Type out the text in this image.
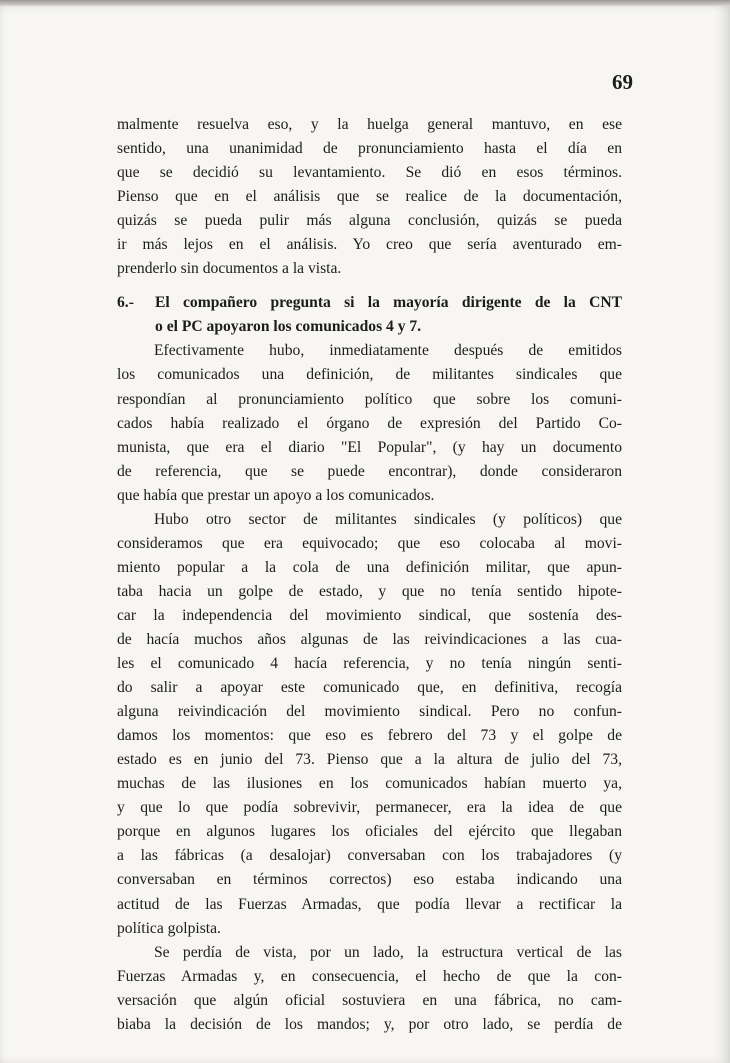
69
malmente resuelva eso, y la huelga general mantuvo, en ese
sentido, una unanimidad de pronunciamiento hasta el día en
que se decidió su levantamiento. Se dió en esos términos.
Pienso que en el análisis que se realice de la documentación,
quizás se pueda pulir más alguna conclusión, quizás se pueda
ir más lejos en el análisis. Yo creo que sería aventurado em-
prenderlo sin documentos a la vista.
6.- El compañero pregunta si la mayoría dirigente de la CNT
o el PC apoyaron los comunicados 4 y 7.
Efectivamente hubo, inmediatamente después de emitidos
los comunicados una definición, de militantes sindicales que
respondían al pronunciamiento político que sobre los comuni-
cados había realizado el órgano de expresión del Partido Co-
munista, que era el diario "El Popular", (y hay un documento
de referencia, que se puede encontrar), donde consideraron
que había que prestar un apoyo a los comunicados.
Hubo otro sector de militantes sindicales (y políticos) que
consideramos que era equivocado; que eso colocaba al movi-
miento popular a la cola de una definición militar, que apun-
taba hacia un golpe de estado, y que no tenía sentido hipote-
car la independencia del movimiento sindical, que sostenía des-
de hacía muchos años algunas de las reivindicaciones a las cua-
les el comunicado 4 hacía referencia, y no tenía ningún senti-
do salir a apoyar este comunicado que, en definitiva, recogía
alguna reivindicación del movimiento sindical. Pero no confun-
damos los momentos: que eso es febrero del 73 y el golpe de
estado es en junio del 73. Pienso que a la altura de julio del 73,
muchas de las ilusiones en los comunicados habían muerto ya,
y que lo que podía sobrevivir, permanecer, era la idea de que
porque en algunos lugares los oficiales del ejército que llegaban
a las fábricas (a desalojar) conversaban con los trabajadores (y
conversaban en términos correctos) eso estaba indicando una
actitud de las Fuerzas Armadas, que podía llevar a rectificar la
política golpista.
Se perdía de vista, por un lado, la estructura vertical de las
Fuerzas Armadas y, en consecuencia, el hecho de que la con-
versación que algún oficial sostuviera en una fábrica, no cam-
biaba la decisión de los mandos; y, por otro lado, se perdía de
